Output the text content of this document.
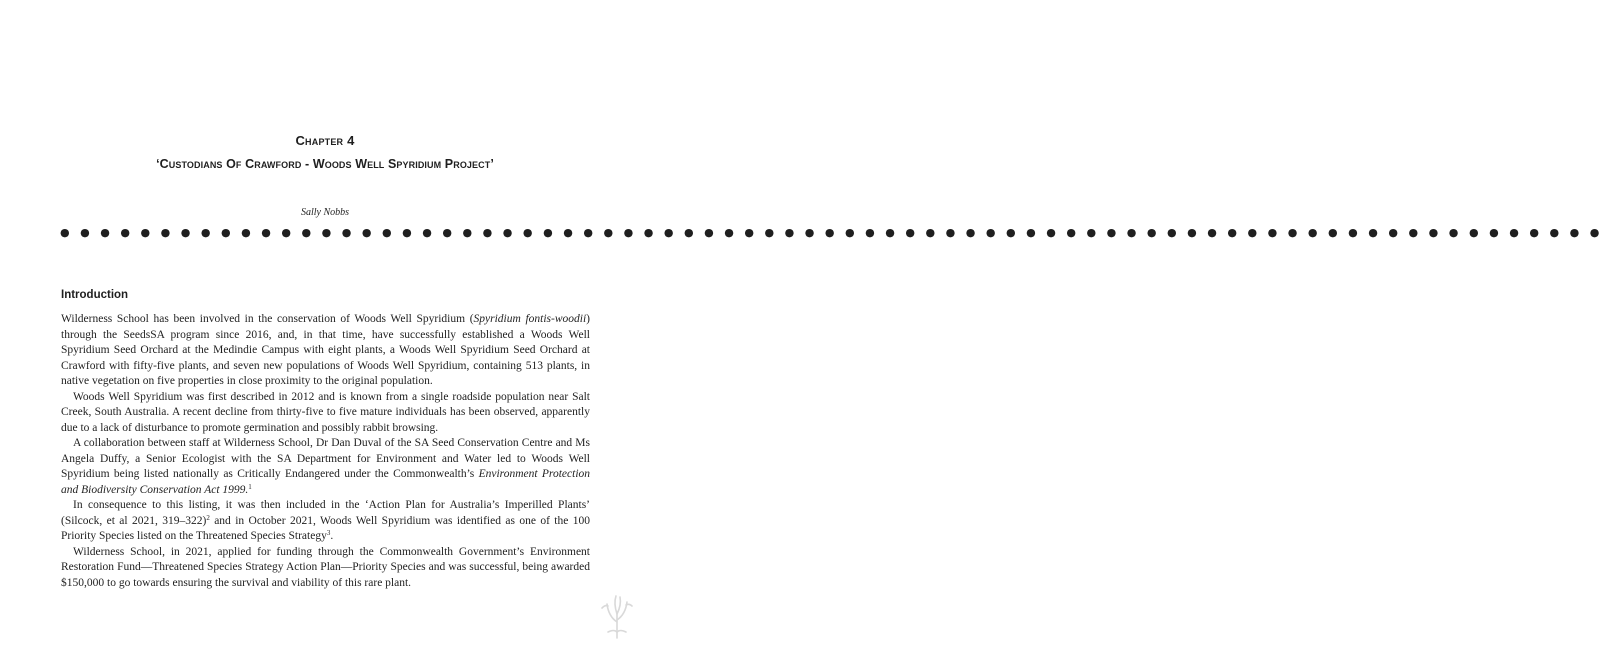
Chapter 4
‘Custodians Of Crawford - Woods Well Spyridium Project’
Sally Nobbs
● ● ● ● ● ● ● ● ● ● ● ● ● ● ● ● ● ● ● ● ● ● ● ● ● ● ● ● ● ● ● ● ● ● ● ● ● ● ● ● ● ● ● ● ● ● ● ● ● ● ● ● ● ● ● ● ● ● ● ● ● ● ● ● ● ● ● ● ● ● ● ● ● ● ● ● ●
Introduction

Wilderness School has been involved in the conservation of Woods Well Spyridium (Spyridium fontis-woodii) through the SeedsSA program since 2016, and, in that time, have successfully established a Woods Well Spyridium Seed Orchard at the Medindie Campus with eight plants, a Woods Well Spyridium Seed Orchard at Crawford with fifty-five plants, and seven new populations of Woods Well Spyridium, containing 513 plants, in native vegetation on five properties in close proximity to the original population.

Woods Well Spyridium was first described in 2012 and is known from a single roadside population near Salt Creek, South Australia. A recent decline from thirty-five to five mature individuals has been observed, apparently due to a lack of disturbance to promote germination and possibly rabbit browsing.

A collaboration between staff at Wilderness School, Dr Dan Duval of the SA Seed Conservation Centre and Ms Angela Duffy, a Senior Ecologist with the SA Department for Environment and Water led to Woods Well Spyridium being listed nationally as Critically Endangered under the Commonwealth’s Environment Protection and Biodiversity Conservation Act 1999.$^1$

In consequence to this listing, it was then included in the ‘Action Plan for Australia’s Imperilled Plants’ (Silcock, et al 2021, 319–322)$^2$ and in October 2021, Woods Well Spyridium was identified as one of the 100 Priority Species listed on the Threatened Species Strategy$^3$.

Wilderness School, in 2021, applied for funding through the Commonwealth Government’s Environment Restoration Fund—Threatened Species Strategy Action Plan—Priority Species and was successful, being awarded $150,000 to go towards ensuring the survival and viability of this rare plant.
